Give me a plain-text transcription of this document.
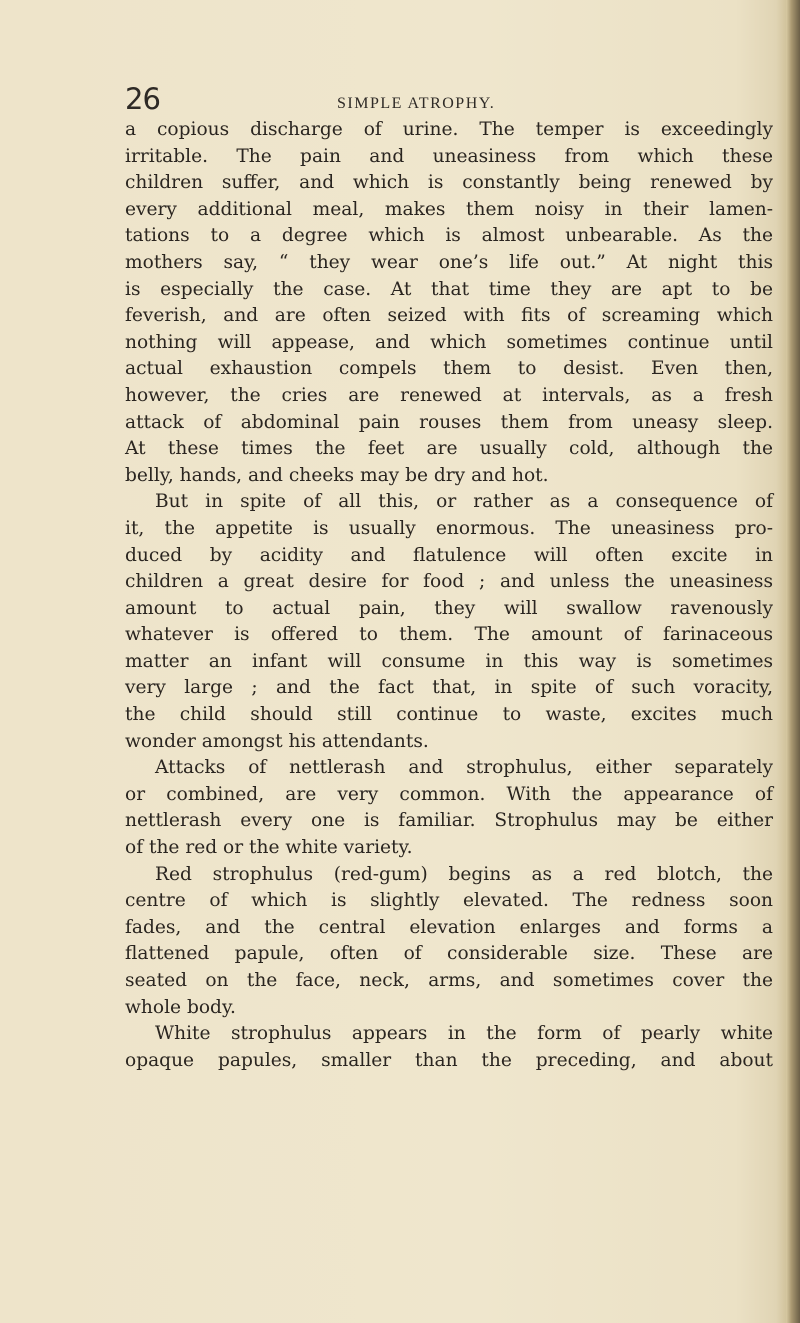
26	SIMPLE ATROPHY.
a copious discharge of urine. The temper is exceedingly
irritable. The pain and uneasiness from which these
children suffer, and which is constantly being renewed by
every additional meal, makes them noisy in their lamen-
tations to a degree which is almost unbearable. As the
mothers say, “ they wear one’s life out.” At night this
is especially the case. At that time they are apt to be
feverish, and are often seized with fits of screaming which
nothing will appease, and which sometimes continue until
actual exhaustion compels them to desist. Even then,
however, the cries are renewed at intervals, as a fresh
attack of abdominal pain rouses them from uneasy sleep.
At these times the feet are usually cold, although the
belly, hands, and cheeks may be dry and hot.
But in spite of all this, or rather as a consequence of
it, the appetite is usually enormous. The uneasiness pro-
duced by acidity and flatulence will often excite in
children a great desire for food ; and unless the uneasiness
amount to actual pain, they will swallow ravenously
whatever is offered to them. The amount of farinaceous
matter an infant will consume in this way is sometimes
very large ; and the fact that, in spite of such voracity,
the child should still continue to waste, excites much
wonder amongst his attendants.
Attacks of nettlerash and strophulus, either separately
or combined, are very common. With the appearance of
nettlerash every one is familiar. Strophulus may be either
of the red or the white variety.
Red strophulus (red-gum) begins as a red blotch, the
centre of which is slightly elevated. The redness soon
fades, and the central elevation enlarges and forms a
flattened papule, often of considerable size. These are
seated on the face, neck, arms, and sometimes cover the
whole body.
White strophulus appears in the form of pearly white
opaque papules, smaller than the preceding, and about
